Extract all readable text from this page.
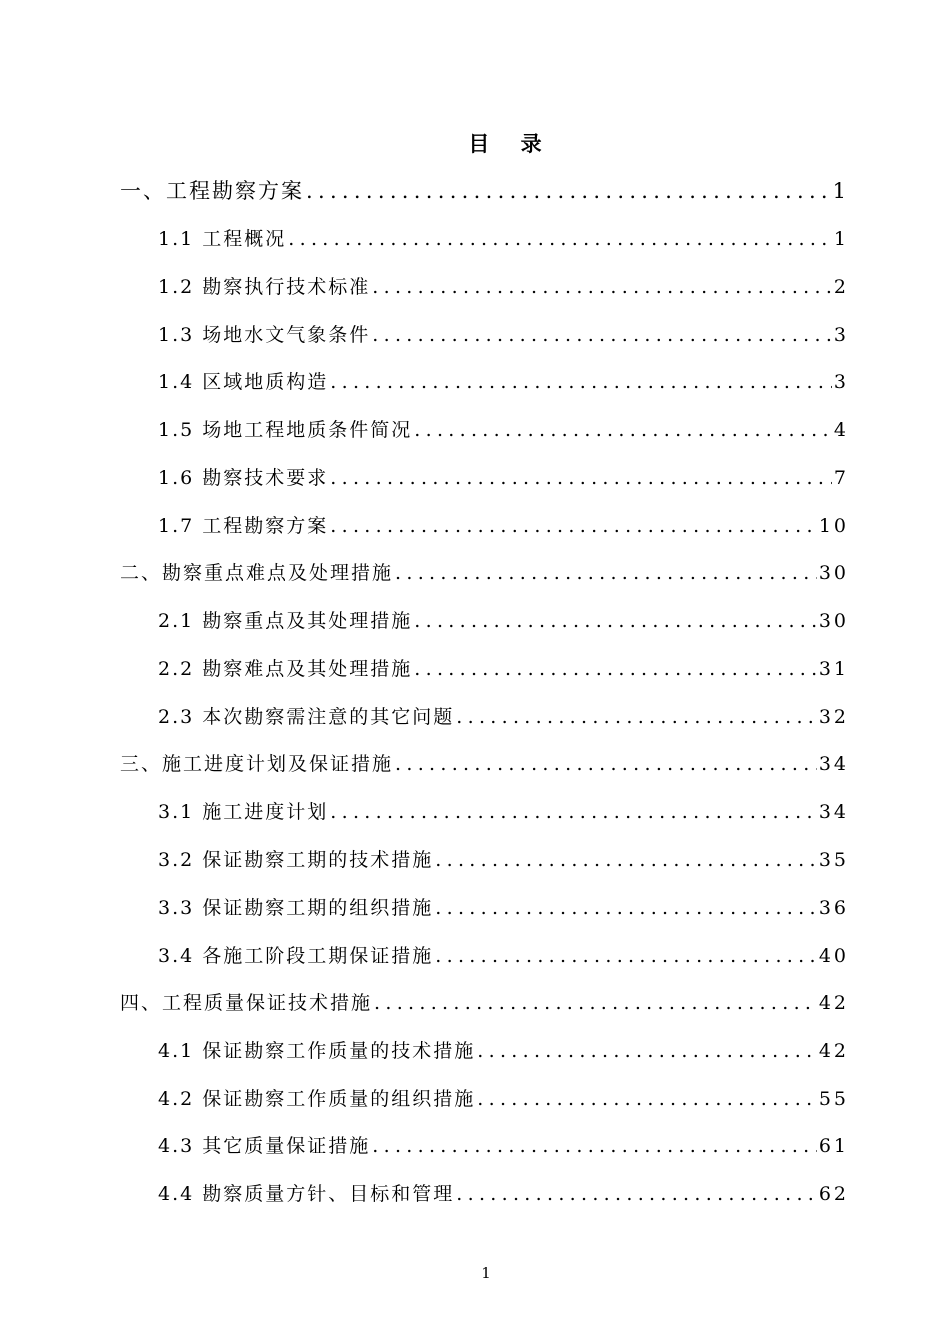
目 录
一、工程勘察方案 .....	1
1.1 工程概况 .....	1
1.2 勘察执行技术标准 .....	2
1.3 场地水文气象条件 .....	3
1.4 区域地质构造 .....	3
1.5 场地工程地质条件简况 .....	4
1.6 勘察技术要求 .....	7
1.7 工程勘察方案 .....	10
二、勘察重点难点及处理措施 .....	30
2.1 勘察重点及其处理措施 .....	30
2.2 勘察难点及其处理措施 .....	31
2.3 本次勘察需注意的其它问题 .....	32
三、施工进度计划及保证措施 .....	34
3.1 施工进度计划 .....	34
3.2 保证勘察工期的技术措施 .....	35
3.3 保证勘察工期的组织措施 .....	36
3.4 各施工阶段工期保证措施 .....	40
四、工程质量保证技术措施 .....	42
4.1 保证勘察工作质量的技术措施 .....	42
4.2 保证勘察工作质量的组织措施 .....	55
4.3 其它质量保证措施 .....	61
4.4 勘察质量方针、目标和管理 .....	62
1
